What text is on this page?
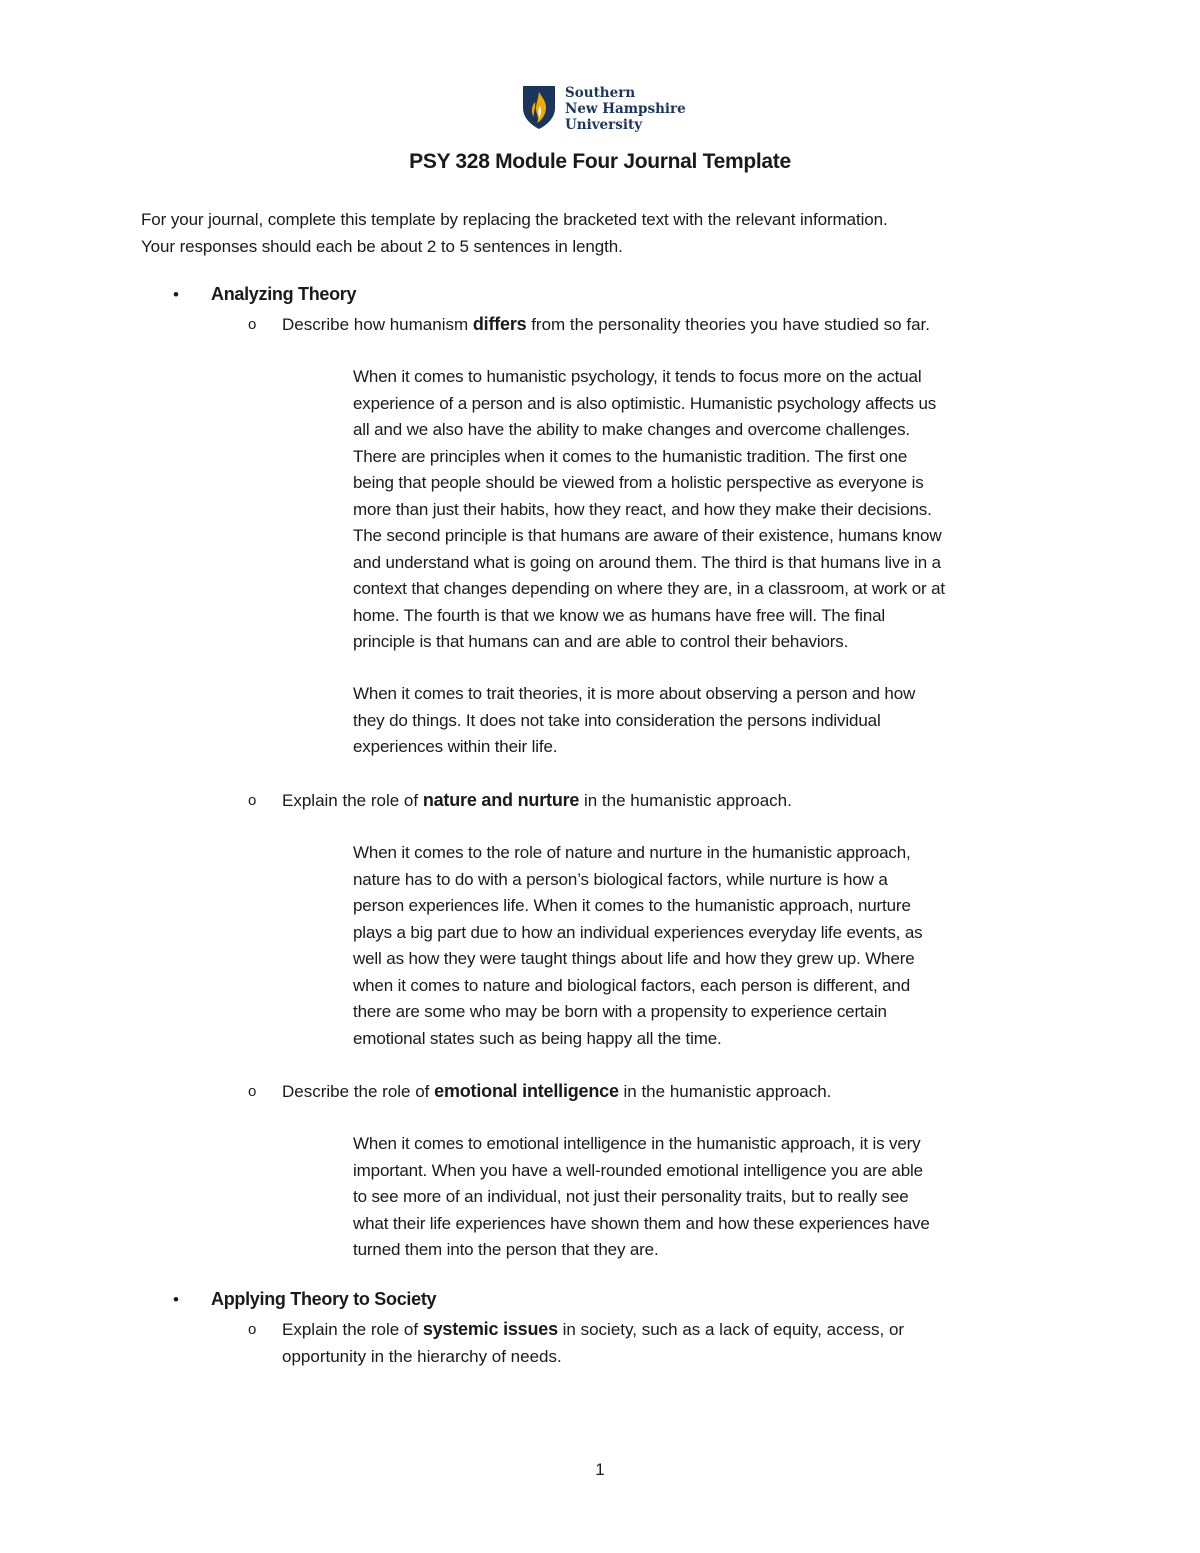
Southern
New Hampshire
University
PSY 328 Module Four Journal Template
For your journal, complete this template by replacing the bracketed text with the relevant information.
Your responses should each be about 2 to 5 sentences in length.
•	Analyzing Theory
o	Describe how humanism differs from the personality theories you have studied so far.
When it comes to humanistic psychology, it tends to focus more on the actual
experience of a person and is also optimistic. Humanistic psychology affects us
all and we also have the ability to make changes and overcome challenges.
There are principles when it comes to the humanistic tradition. The first one
being that people should be viewed from a holistic perspective as everyone is
more than just their habits, how they react, and how they make their decisions.
The second principle is that humans are aware of their existence, humans know
and understand what is going on around them. The third is that humans live in a
context that changes depending on where they are, in a classroom, at work or at
home. The fourth is that we know we as humans have free will. The final
principle is that humans can and are able to control their behaviors.
When it comes to trait theories, it is more about observing a person and how
they do things. It does not take into consideration the persons individual
experiences within their life.
o	Explain the role of nature and nurture in the humanistic approach.
When it comes to the role of nature and nurture in the humanistic approach,
nature has to do with a person’s biological factors, while nurture is how a
person experiences life. When it comes to the humanistic approach, nurture
plays a big part due to how an individual experiences everyday life events, as
well as how they were taught things about life and how they grew up. Where
when it comes to nature and biological factors, each person is different, and
there are some who may be born with a propensity to experience certain
emotional states such as being happy all the time.
o	Describe the role of emotional intelligence in the humanistic approach.
When it comes to emotional intelligence in the humanistic approach, it is very
important. When you have a well-rounded emotional intelligence you are able
to see more of an individual, not just their personality traits, but to really see
what their life experiences have shown them and how these experiences have
turned them into the person that they are.
•	Applying Theory to Society
o	Explain the role of systemic issues in society, such as a lack of equity, access, or
opportunity in the hierarchy of needs.
1
